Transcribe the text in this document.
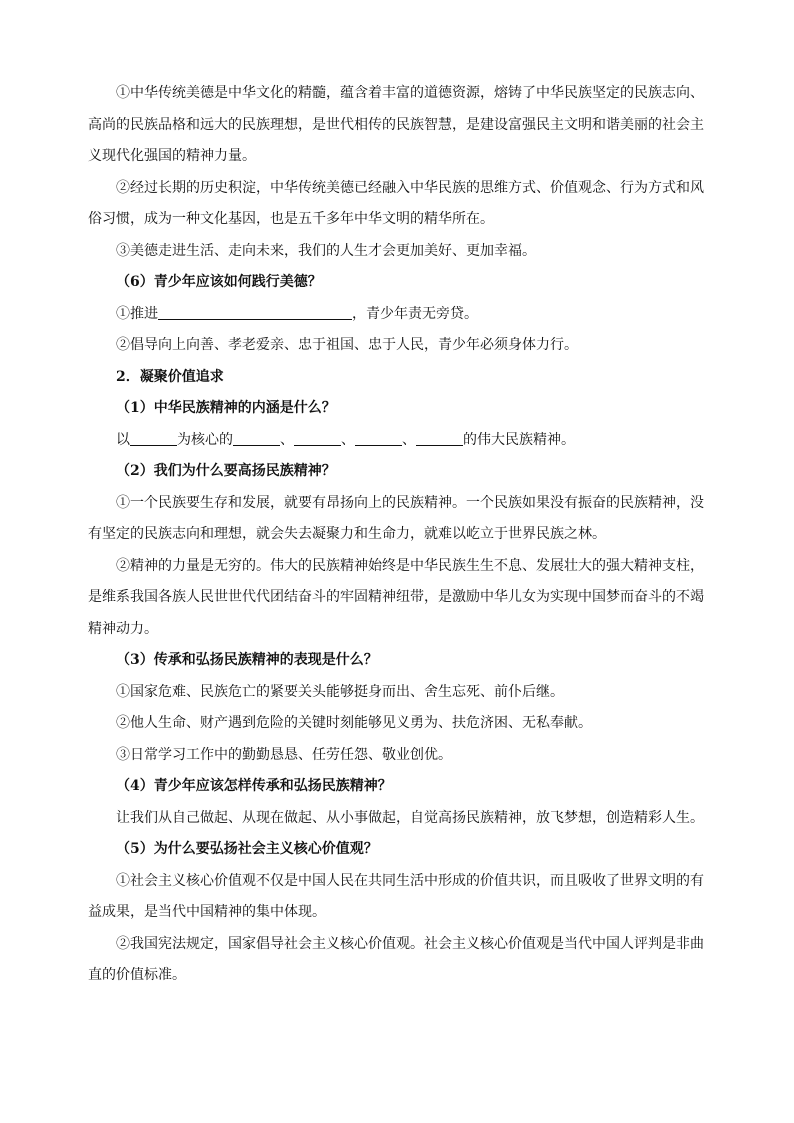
①中华传统美德是中华文化的精髓，蕴含着丰富的道德资源，熔铸了中华民族坚定的民族志向、高尚的民族品格和远大的民族理想，是世代相传的民族智慧，是建设富强民主文明和谐美丽的社会主义现代化强国的精神力量。

②经过长期的历史积淀，中华传统美德已经融入中华民族的思维方式、价值观念、行为方式和风俗习惯，成为一种文化基因，也是五千多年中华文明的精华所在。

③美德走进生活、走向未来，我们的人生才会更加美好、更加幸福。

（6）青少年应该如何践行美德？

①推进	，青少年责无旁贷。

②倡导向上向善、孝老爱亲、忠于祖国、忠于人民，青少年必须身体力行。

2．凝聚价值追求

（1）中华民族精神的内涵是什么？

以	为核心的	、	、	、	的伟大民族精神。

（2）我们为什么要高扬民族精神？

①一个民族要生存和发展，就要有昂扬向上的民族精神。一个民族如果没有振奋的民族精神，没有坚定的民族志向和理想，就会失去凝聚力和生命力，就难以屹立于世界民族之林。

②精神的力量是无穷的。伟大的民族精神始终是中华民族生生不息、发展壮大的强大精神支柱，是维系我国各族人民世世代代团结奋斗的牢固精神纽带，是激励中华儿女为实现中国梦而奋斗的不竭精神动力。

（3）传承和弘扬民族精神的表现是什么？

①国家危难、民族危亡的紧要关头能够挺身而出、舍生忘死、前仆后继。

②他人生命、财产遇到危险的关键时刻能够见义勇为、扶危济困、无私奉献。

③日常学习工作中的勤勤恳恳、任劳任怨、敬业创优。

（4）青少年应该怎样传承和弘扬民族精神？

让我们从自己做起、从现在做起、从小事做起，自觉高扬民族精神，放飞梦想，创造精彩人生。

（5）为什么要弘扬社会主义核心价值观？

①社会主义核心价值观不仅是中国人民在共同生活中形成的价值共识，而且吸收了世界文明的有益成果，是当代中国精神的集中体现。

②我国宪法规定，国家倡导社会主义核心价值观。社会主义核心价值观是当代中国人评判是非曲直的价值标准。
